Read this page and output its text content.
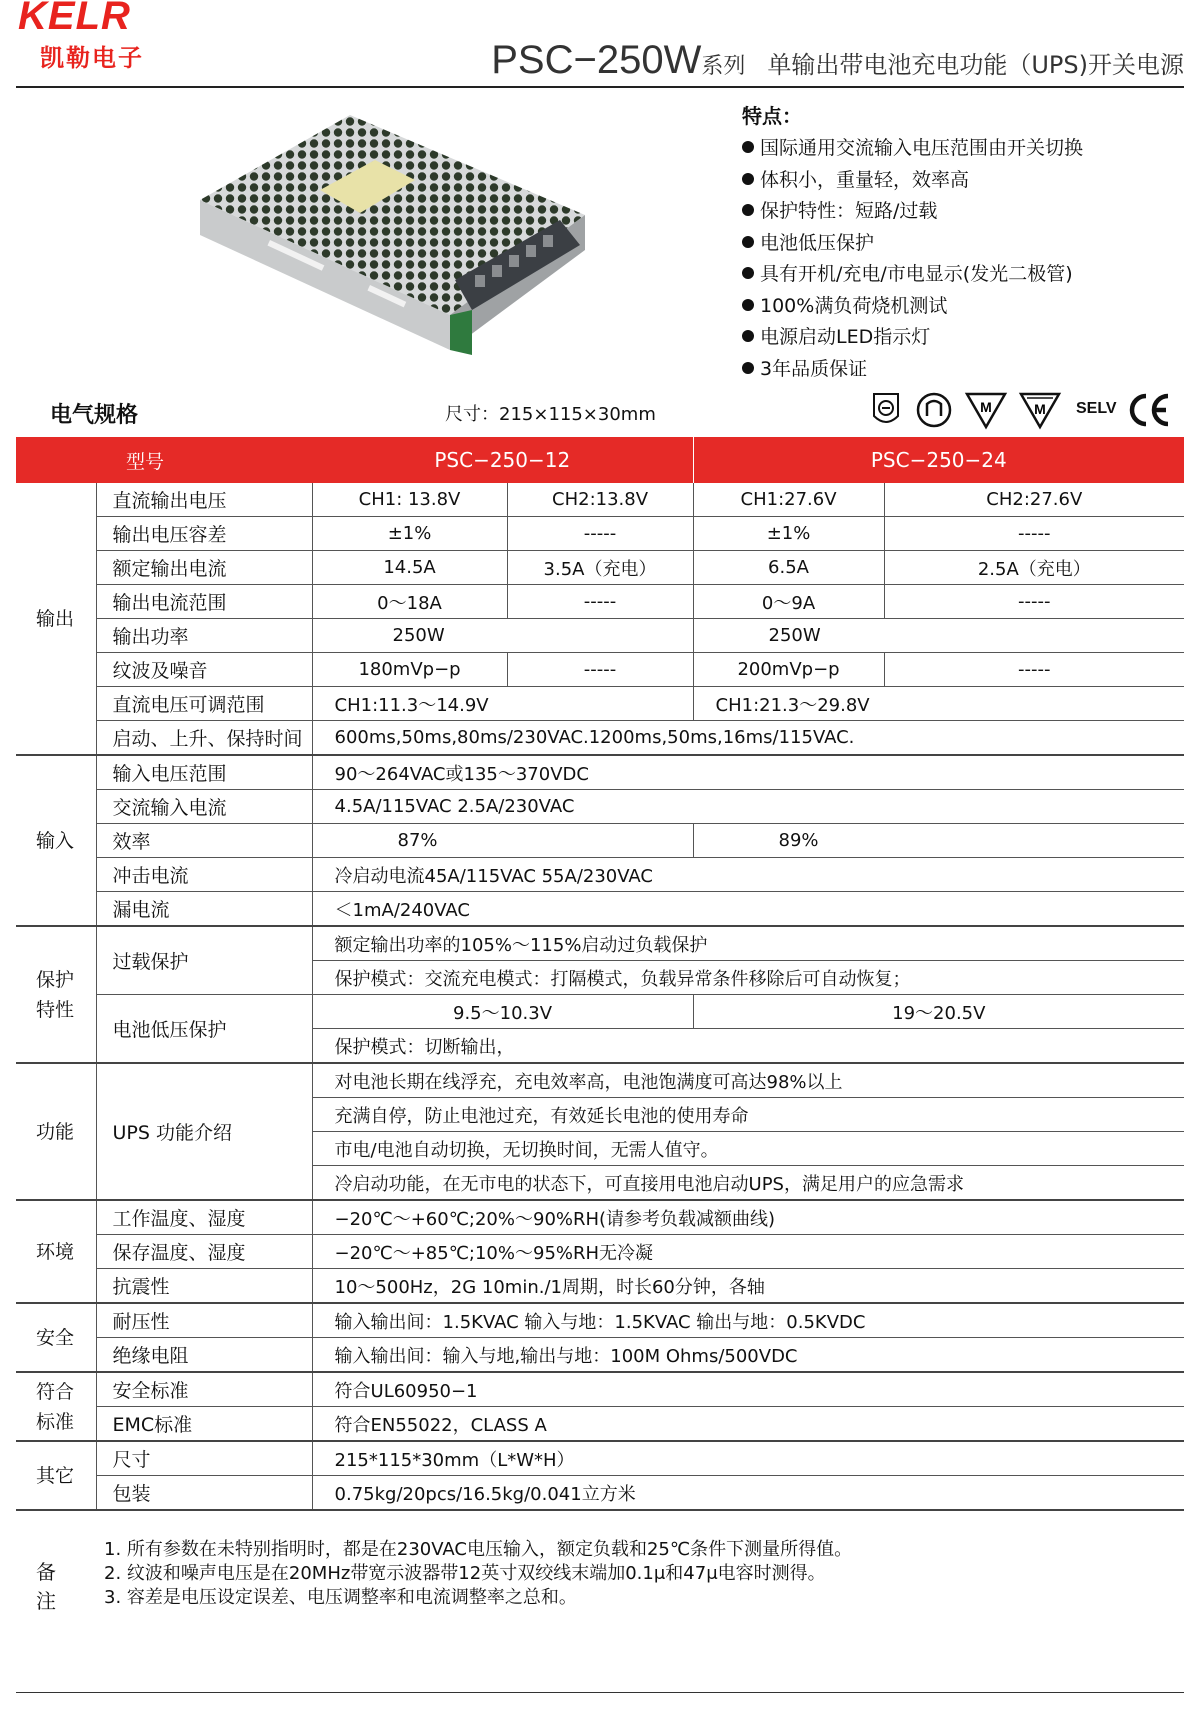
KELR
凯勒电子	PSC−250W系列 单输出带电池充电功能（UPS)开关电源
特点：
国际通用交流输入电压范围由开关切换
体积小，重量轻，效率高
保护特性：短路/过载
电池低压保护
具有开机/充电/市电显示(发光二极管)
100%满负荷烧机测试
电源启动LED指示灯
3年品质保证
电气规格	尺寸：215×115×30mm	M	M SELV
型号		PSC−250−12		PSC−250−24	
输出	直流输出电压	CH1: 13.8V	CH2:13.8V	CH1:27.6V	CH2:27.6V
	输出电压容差	±1%	-----	±1%	-----
	额定输出电流	14.5A	3.5A（充电）	6.5A	2.5A（充电）
	输出电流范围	0～18A	-----	0～9A	-----
	输出功率	250W		250W	
	纹波及噪音	180mVp−p	-----	200mVp−p	-----
	直流电压可调范围	CH1:11.3～14.9V		CH1:21.3～29.8V	
	启动、上升、保持时间	600ms,50ms,80ms/230VAC.1200ms,50ms,16ms/115VAC.			
输入	输入电压范围	90～264VAC或135～370VDC			
	交流输入电流	4.5A/115VAC 2.5A/230VAC			
	效率	87%		89%	
	冲击电流	冷启动电流45A/115VAC 55A/230VAC			
	漏电流	＜1mA/240VAC			
保护
特性	过载保护	额定输出功率的105%～115%启动过负载保护			
		保护模式：交流充电模式：打隔模式，负载异常条件移除后可自动恢复；			
	电池低压保护	9.5～10.3V		19～20.5V	
		保护模式：切断输出，			
功能	UPS 功能介绍	对电池长期在线浮充，充电效率高，电池饱满度可高达98%以上			
		充满自停，防止电池过充，有效延长电池的使用寿命			
		市电/电池自动切换，无切换时间，无需人值守。			
		冷启动功能，在无市电的状态下，可直接用电池启动UPS，满足用户的应急需求			
环境	工作温度、湿度	−20℃～+60℃;20%～90%RH(请参考负载减额曲线)			
	保存温度、湿度	−20℃～+85℃;10%～95%RH无冷凝			
	抗震性	10～500Hz，2G 10min./1周期，时长60分钟，各轴			
安全	耐压性	输入输出间：1.5KVAC 输入与地：1.5KVAC 输出与地：0.5KVDC			
	绝缘电阻	输入输出间：输入与地,输出与地：100M Ohms/500VDC			
符合
标准	安全标准	符合UL60950−1			
	EMC标准	符合EN55022，CLASS A			
其它	尺寸	215*115*30mm（L*W*H）			
	包装	0.75kg/20pcs/16.5kg/0.041立方米			
备注
1. 所有参数在未特别指明时，都是在230VAC电压输入，额定负载和25℃条件下测量所得值。
2. 纹波和噪声电压是在20MHz带宽示波器带12英寸双绞线末端加0.1μ和47μ电容时测得。
3. 容差是电压设定误差、电压调整率和电流调整率之总和。
